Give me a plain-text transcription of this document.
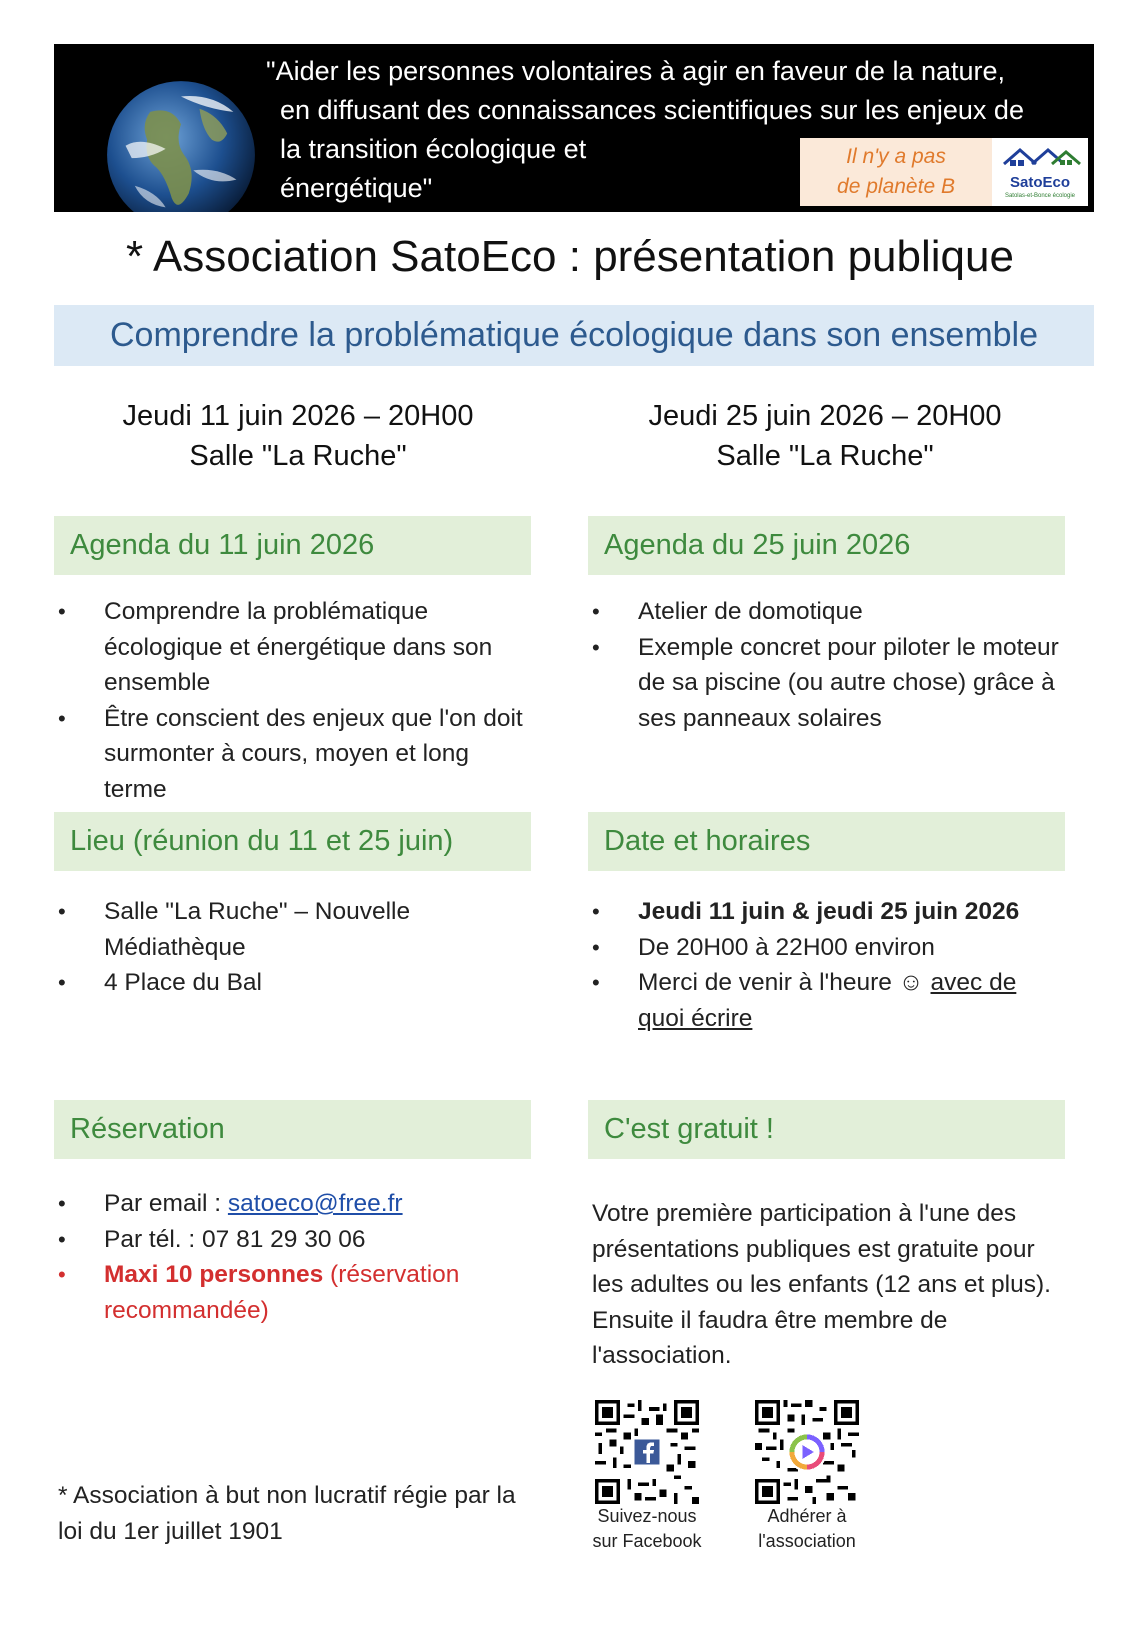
"Aider les personnes volontaires à agir en faveur de la nature,
en diffusant des connaissances scientifiques sur les enjeux de
la transition écologique et
énergétique"

Il n'y a pas
de planète B	SatoEco
Satolas-et-Bonce écologie
* Association SatoEco : présentation publique
Comprendre la problématique écologique dans son ensemble
Jeudi 11 juin 2026 – 20H00
Salle "La Ruche"
Jeudi 25 juin 2026 – 20H00
Salle "La Ruche"
Agenda du 11 juin 2026
• Comprendre la problématique écologique et énergétique dans son ensemble
• Être conscient des enjeux que l'on doit surmonter à cours, moyen et long terme
Agenda du 25 juin 2026
• Atelier de domotique
• Exemple concret pour piloter le moteur de sa piscine (ou autre chose) grâce à ses panneaux solaires
Lieu (réunion du 11 et 25 juin)
• Salle "La Ruche" – Nouvelle Médiathèque
• 4 Place du Bal
Date et horaires
• Jeudi 11 juin & jeudi 25 juin 2026
• De 20H00 à 22H00 environ
• Merci de venir à l'heure ☺ avec de quoi écrire
Réservation
• Par email : satoeco@free.fr
• Par tél. : 07 81 29 30 06
• Maxi 10 personnes (réservation recommandée)
C'est gratuit !

Votre première participation à l'une des présentations publiques est gratuite pour les adultes ou les enfants (12 ans et plus). Ensuite il faudra être membre de l'association.

* Association à but non lucratif régie par la loi du 1er juillet 1901

Suivez-nous
sur Facebook
Adhérer à
l'association
